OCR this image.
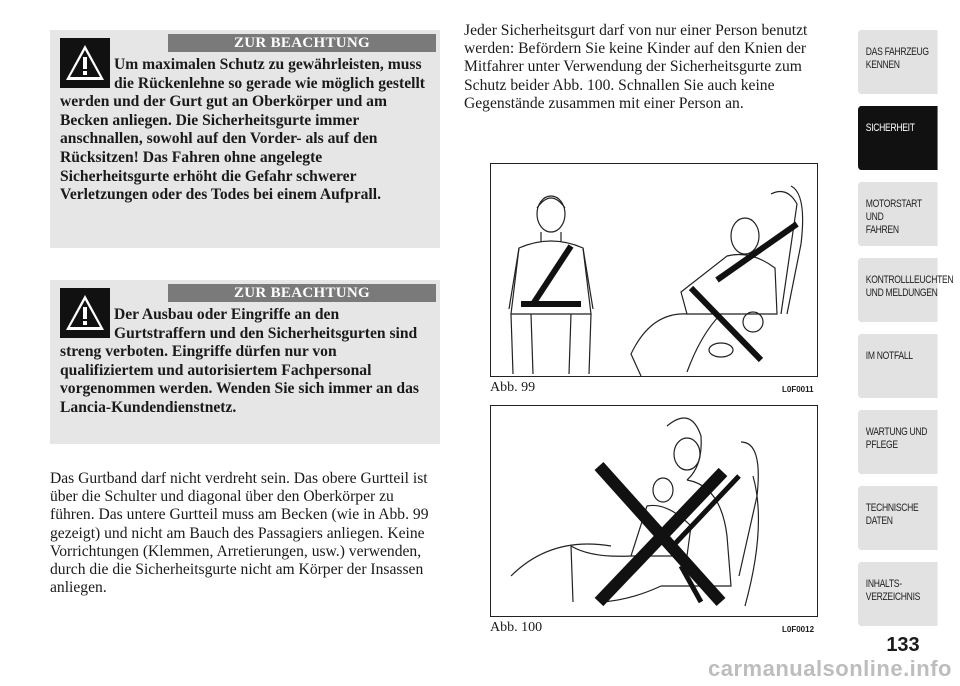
ZUR BEACHTUNG
Um maximalen Schutz zu gewährleisten, muss die Rückenlehne so gerade wie möglich gestellt werden und der Gurt gut an Oberkörper und am Becken anliegen. Die Sicherheitsgurte immer anschnallen, sowohl auf den Vorder- als auf den Rücksitzen! Das Fahren ohne angelegte Sicherheitsgurte erhöht die Gefahr schwerer Verletzungen oder des Todes bei einem Aufprall.
ZUR BEACHTUNG
Der Ausbau oder Eingriffe an den Gurtstraffern und den Sicherheitsgurten sind streng verboten. Eingriffe dürfen nur von qualifiziertem und autorisiertem Fachpersonal vorgenommen werden. Wenden Sie sich immer an das Lancia-Kundendienstnetz.
Das Gurtband darf nicht verdreht sein. Das obere Gurtteil ist über die Schulter und diagonal über den Oberkörper zu führen. Das untere Gurtteil muss am Becken (wie in Abb. 99 gezeigt) und nicht am Bauch des Passagiers anliegen. Keine Vorrichtungen (Klemmen, Arretierungen, usw.) verwenden, durch die die Sicherheitsgurte nicht am Körper der Insassen anliegen.
Jeder Sicherheitsgurt darf von nur einer Person benutzt werden: Befördern Sie keine Kinder auf den Knien der Mitfahrer unter Verwendung der Sicherheitsgurte zum Schutz beider Abb. 100. Schnallen Sie auch keine Gegenstände zusammen mit einer Person an.
Abb. 99	L0F0011
Abb. 100	L0F0012
DAS FAHRZEUG
KENNEN
SICHERHEIT
MOTORSTART UND
FAHREN
KONTROLLLEUCHTEN
UND MELDUNGEN
IM NOTFALL
WARTUNG UND
PFLEGE
TECHNISCHE
DATEN
INHALTS-
VERZEICHNIS
133
carmanualsonline.info
